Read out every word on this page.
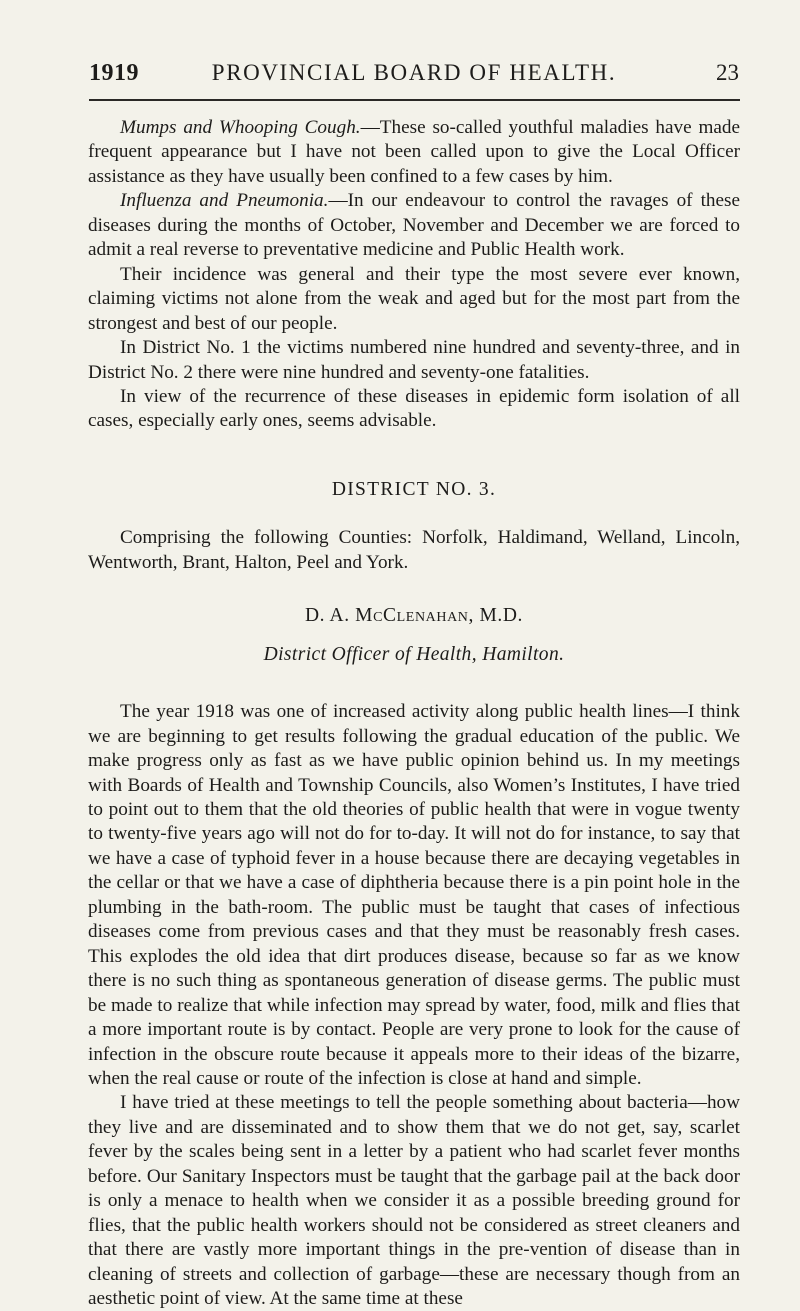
1919	PROVINCIAL BOARD OF HEALTH.	23

Mumps and Whooping Cough.—These so-called youthful maladies have made frequent appearance but I have not been called upon to give the Local Officer assistance as they have usually been confined to a few cases by him.

Influenza and Pneumonia.—In our endeavour to control the ravages of these diseases during the months of October, November and December we are forced to admit a real reverse to preventative medicine and Public Health work.

Their incidence was general and their type the most severe ever known, claiming victims not alone from the weak and aged but for the most part from the strongest and best of our people.

In District No. 1 the victims numbered nine hundred and seventy-three, and in District No. 2 there were nine hundred and seventy-one fatalities.

In view of the recurrence of these diseases in epidemic form isolation of all cases, especially early ones, seems advisable.

DISTRICT NO. 3.

Comprising the following Counties: Norfolk, Haldimand, Welland, Lincoln, Wentworth, Brant, Halton, Peel and York.

D. A. McClenahan, M.D.
District Officer of Health, Hamilton.

The year 1918 was one of increased activity along public health lines—I think we are beginning to get results following the gradual education of the public. We make progress only as fast as we have public opinion behind us. In my meetings with Boards of Health and Township Councils, also Women’s Institutes, I have tried to point out to them that the old theories of public health that were in vogue twenty to twenty-five years ago will not do for to-day. It will not do for instance, to say that we have a case of typhoid fever in a house because there are decaying vegetables in the cellar or that we have a case of diphtheria because there is a pin point hole in the plumbing in the bath-room. The public must be taught that cases of infectious diseases come from previous cases and that they must be reasonably fresh cases. This explodes the old idea that dirt produces disease, because so far as we know there is no such thing as spontaneous generation of disease germs. The public must be made to realize that while infection may spread by water, food, milk and flies that a more important route is by contact. People are very prone to look for the cause of infection in the obscure route because it appeals more to their ideas of the bizarre, when the real cause or route of the infection is close at hand and simple.

I have tried at these meetings to tell the people something about bacteria—how they live and are disseminated and to show them that we do not get, say, scarlet fever by the scales being sent in a letter by a patient who had scarlet fever months before. Our Sanitary Inspectors must be taught that the garbage pail at the back door is only a menace to health when we consider it as a possible breeding ground for flies, that the public health workers should not be considered as street cleaners and that there are vastly more important things in the pre-vention of disease than in cleaning of streets and collection of garbage—these are necessary though from an aesthetic point of view. At the same time at these
